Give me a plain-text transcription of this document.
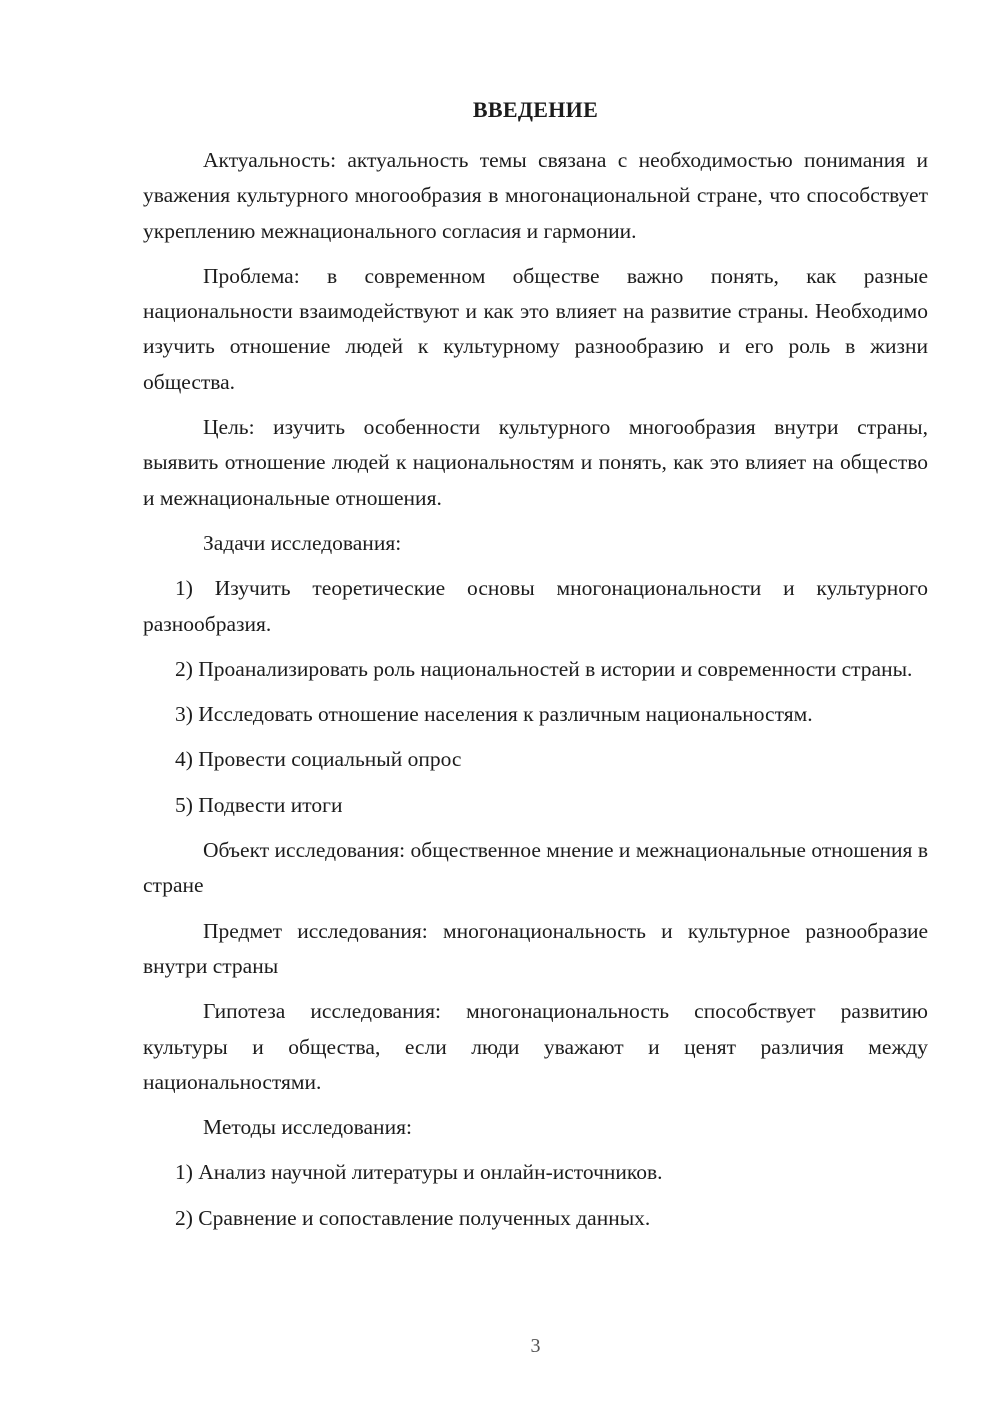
ВВЕДЕНИЕ

Актуальность: актуальность темы связана с необходимостью понимания и уважения культурного многообразия в многонациональной стране, что способствует укреплению межнационального согласия и гармонии.

Проблема: в современном обществе важно понять, как разные национальности взаимодействуют и как это влияет на развитие страны. Необходимо изучить отношение людей к культурному разнообразию и его роль в жизни общества.

Цель: изучить особенности культурного многообразия внутри страны, выявить отношение людей к национальностям и понять, как это влияет на общество и межнациональные отношения.

Задачи исследования:

1) Изучить теоретические основы многонациональности и культурного разнообразия.

2) Проанализировать роль национальностей в истории и современности страны.

3) Исследовать отношение населения к различным национальностям.

4) Провести социальный опрос

5) Подвести итоги

Объект исследования: общественное мнение и межнациональные отношения в стране

Предмет исследования: многонациональность и культурное разнообразие внутри страны

Гипотеза исследования: многонациональность способствует развитию культуры и общества, если люди уважают и ценят различия между национальностями.

Методы исследования:

1) Анализ научной литературы и онлайн-источников.

2) Сравнение и сопоставление полученных данных.

3
